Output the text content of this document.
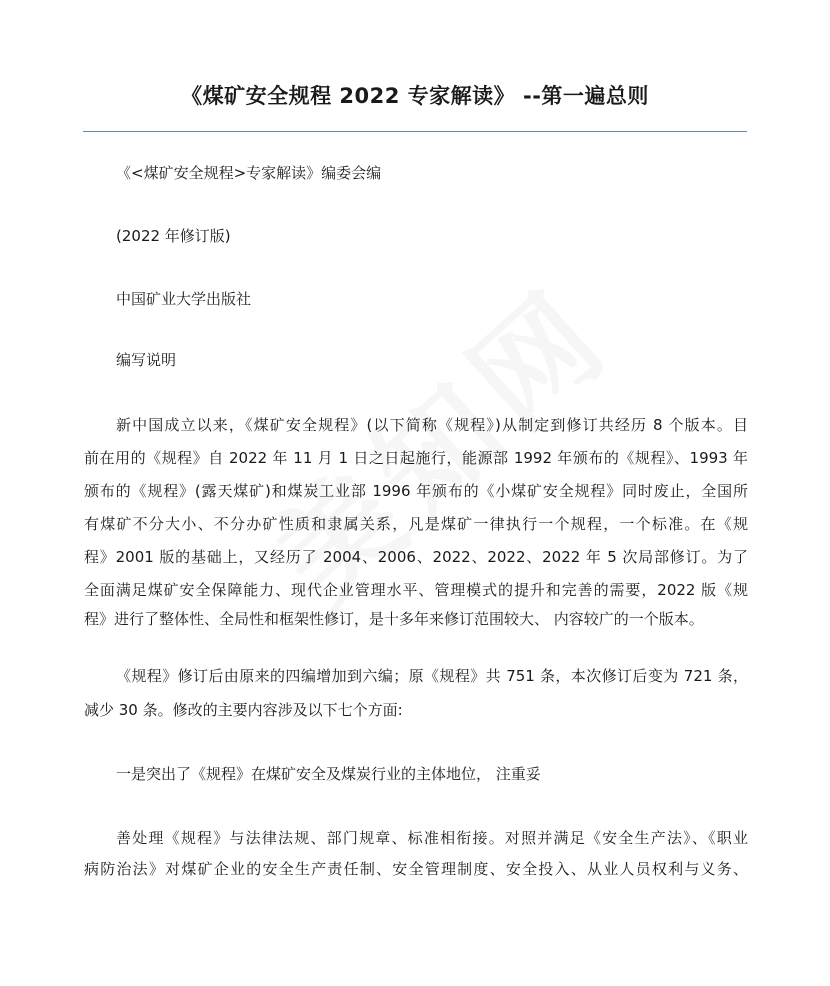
《煤矿安全规程 2022 专家解读》 --第一遍总则
《<煤矿安全规程>专家解读》编委会编
(2022 年修订版)
中国矿业大学出版社
编写说明
新中国成立以来，《煤矿安全规程》(以下简称《规程》)从制定到修订共经历 8 个版本。目
前在用的《规程》自 2022 年 11 月 1 日之日起施行，能源部 1992 年颁布的《规程》、1993 年
颁布的《规程》(露天煤矿)和煤炭工业部 1996 年颁布的《小煤矿安全规程》同时废止，全国所
有煤矿不分大小、不分办矿性质和隶属关系，凡是煤矿一律执行一个规程，一个标准。在《规
程》2001 版的基础上，又经历了 2004、2006、2022、2022、2022 年 5 次局部修订。为了
全面满足煤矿安全保障能力、现代企业管理水平、管理模式的提升和完善的需要，2022 版《规
程》进行了整体性、全局性和框架性修订，是十多年来修订范围较大、 内容较广的一个版本。
《规程》修订后由原来的四编增加到六编；原《规程》共 751 条，本次修订后变为 721 条，
减少 30 条。修改的主要内容涉及以下七个方面:
一是突出了《规程》在煤矿安全及煤炭行业的主体地位， 注重妥
善处理《规程》与法律法规、部门规章、标准相衔接。对照并满足《安全生产法》、《职业
病防治法》对煤矿企业的安全生产责任制、安全管理制度、安全投入、从业人员权利与义务、
